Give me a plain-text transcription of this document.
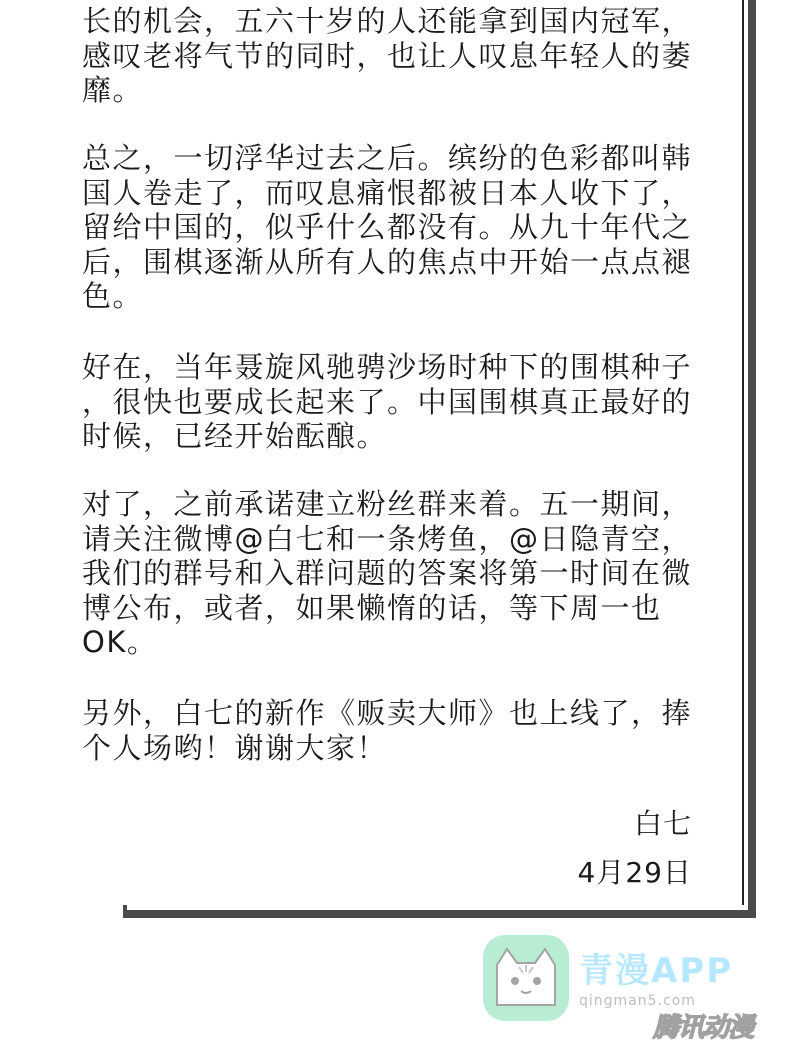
长的机会，五六十岁的人还能拿到国内冠军，
感叹老将气节的同时，也让人叹息年轻人的萎
靡。

总之，一切浮华过去之后。缤纷的色彩都叫韩
国人卷走了，而叹息痛恨都被日本人收下了，
留给中国的，似乎什么都没有。从九十年代之
后，围棋逐渐从所有人的焦点中开始一点点褪
色。

好在，当年聂旋风驰骋沙场时种下的围棋种子
，很快也要成长起来了。中国围棋真正最好的
时候，已经开始酝酿。

对了，之前承诺建立粉丝群来着。五一期间，
请关注微博@白七和一条烤鱼，@日隐青空，
我们的群号和入群问题的答案将第一时间在微
博公布，或者，如果懒惰的话，等下周一也
OK。

另外，白七的新作《贩卖大师》也上线了，捧
个人场哟！谢谢大家！

白七
4月29日
青漫APP
qingman5.com
腾讯动漫
